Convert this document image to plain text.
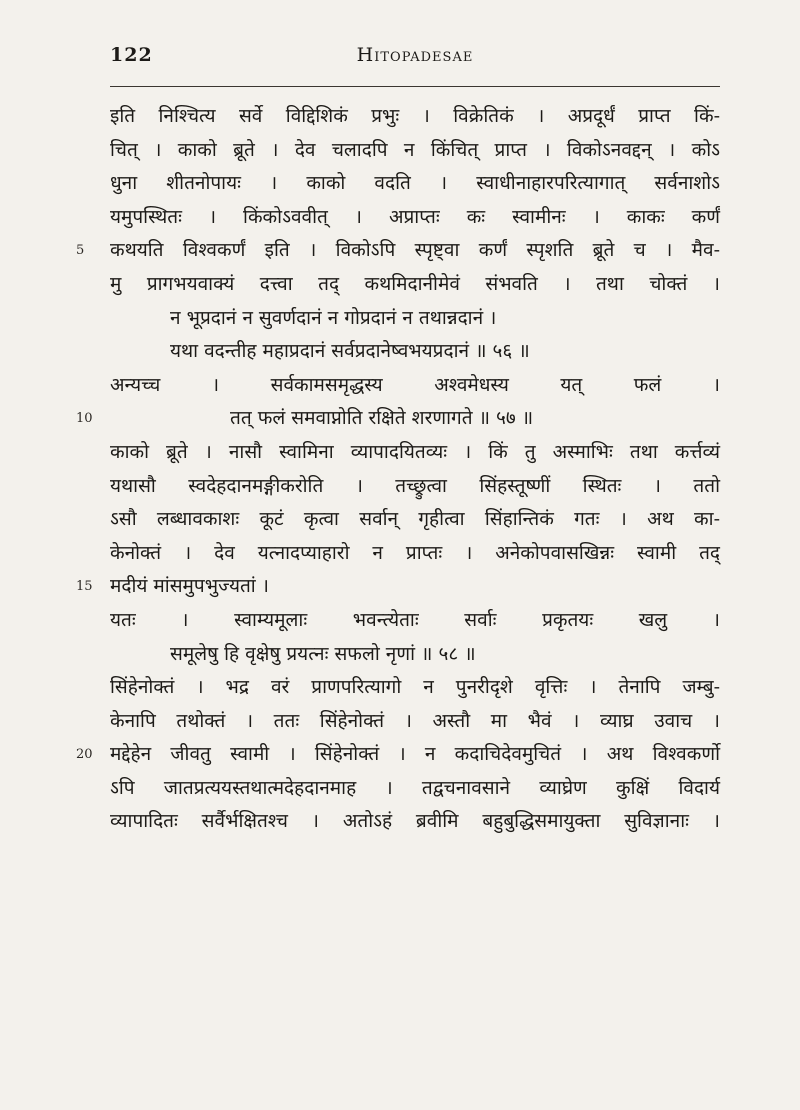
122	Hitopadesae
इति निश्चित्य सर्वे विद्दिशिकं प्रभुः । विक्रेतिकं । अप्रदूर्धं प्राप्त किं-
चित् । काको ब्रूते । देव चलादपि न किंचित् प्राप्त । विकोऽनवद्दन् । कोऽ
धुना शीतनोपायः । काको वदति । स्वाधीनाहारपरित्यागात् सर्वनाशोऽ
यमुपस्थितः । किंकोऽववीत् । अप्राप्तः कः स्वामीनः । काकः कर्णं
5 कथयति विश्वकर्णं इति । विकोऽपि स्पृष्ट्वा कर्णं स्पृशति ब्रूते च । मैव-
मु प्रागभयवाक्यं दत्त्वा तद् कथमिदानीमेवं संभवति । तथा चोक्तं ।
न भूप्रदानं न सुवर्णदानं न गोप्रदानं न तथान्नदानं ।
यथा वदन्तीह महाप्रदानं सर्वप्रदानेष्वभयप्रदानं ॥ ५६ ॥
अन्यच्च । सर्वकामसमृद्धस्य अश्वमेधस्य यत् फलं ।
10	तत् फलं समवाप्नोति रक्षिते शरणागते ॥ ५७ ॥
काको ब्रूते । नासौ स्वामिना व्यापादयितव्यः । किं तु अस्माभिः तथा कर्त्तव्यं
यथासौ स्वदेहदानमङ्गीकरोति । तच्छ्रुत्वा सिंहस्तूष्णीं स्थितः । ततो
ऽसौ लब्धावकाशः कूटं कृत्वा सर्वान् गृहीत्वा सिंहान्तिकं गतः । अथ का-
केनोक्तं । देव यत्नादप्याहारो न प्राप्तः । अनेकोपवासखिन्नः स्वामी तद्
15 मदीयं मांसमुपभुज्यतां ।
यतः । स्वाम्यमूलाः भवन्त्येताः सर्वाः प्रकृतयः खलु ।
समूलेषु हि वृक्षेषु प्रयत्नः सफलो नृणां ॥ ५८ ॥
सिंहेनोक्तं । भद्र वरं प्राणपरित्यागो न पुनरीदृशे वृत्तिः । तेनापि जम्बु-
केनापि तथोक्तं । ततः सिंहेनोक्तं । अस्तौ मा भैवं । व्याघ्र उवाच ।
20 मद्देहेन जीवतु स्वामी । सिंहेनोक्तं । न कदाचिदेवमुचितं । अथ विश्वकर्णो
ऽपि जातप्रत्ययस्तथात्मदेहदानमाह । तद्वचनावसाने व्याघ्रेण कुक्षिं विदार्य
व्यापादितः सर्वैर्भक्षितश्च । अतोऽहं ब्रवीमि बहुबुद्धिसमायुक्ता सुविज्ञानाः ।
